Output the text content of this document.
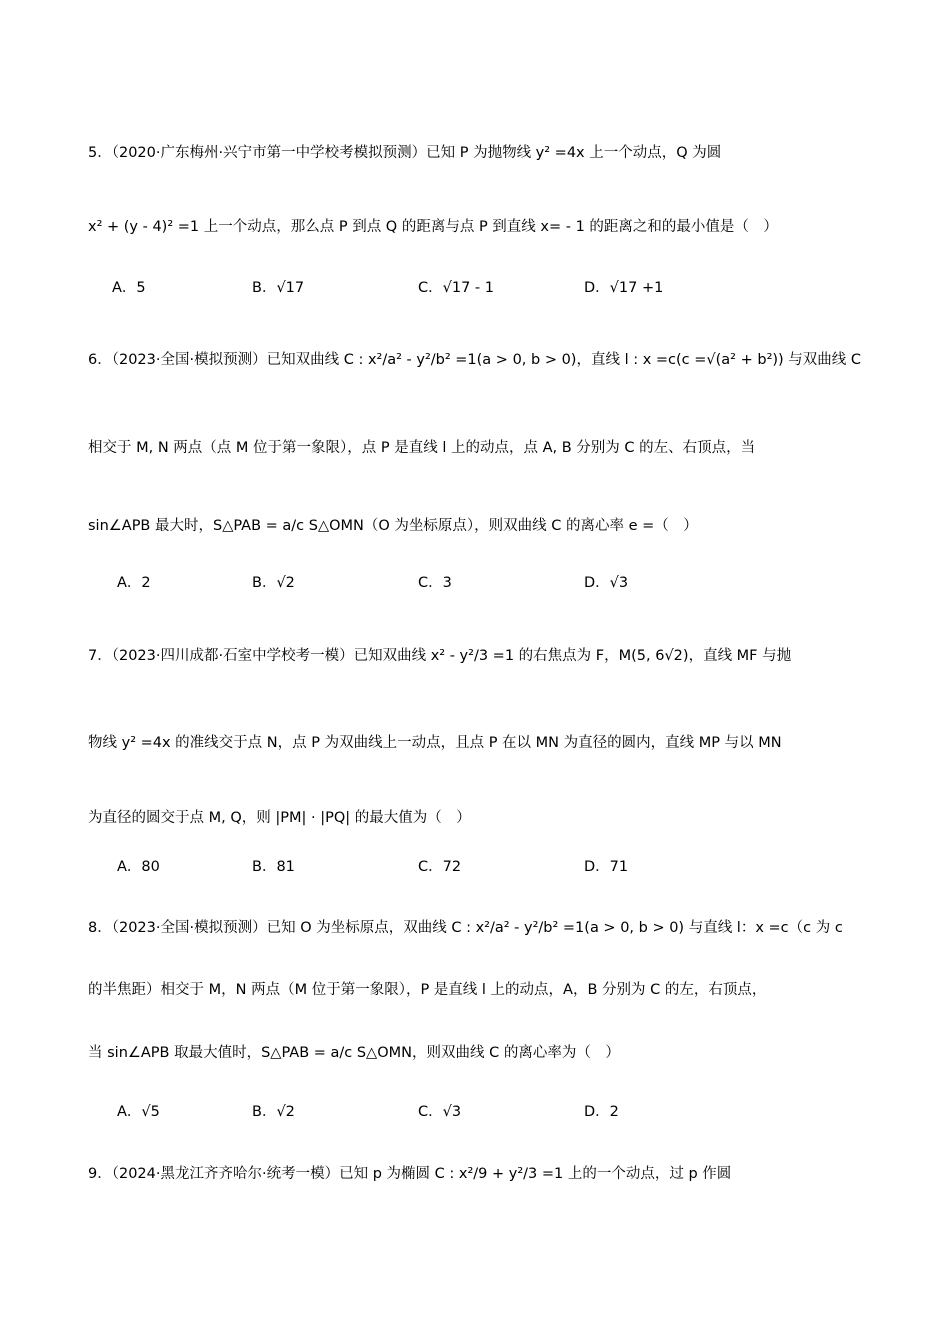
5．（2020·广东梅州·兴宁市第一中学校考模拟预测）已知 P 为抛物线 y² =4x 上一个动点，Q 为圆
x² + (y - 4)² =1 上一个动点，那么点 P 到点 Q 的距离与点 P 到直线 x= - 1 的距离之和的最小值是（　）
A．5	B．√17	C．√17 - 1	D．√17 +1
6．（2023·全国·模拟预测）已知双曲线 C : x²/a² - y²/b² =1(a > 0, b > 0)，直线 l : x =c(c =√(a² + b²)) 与双曲线 C
相交于 M, N 两点（点 M 位于第一象限），点 P 是直线 l 上的动点，点 A, B 分别为 C 的左、右顶点，当
sin∠APB 最大时，S△PAB = a/c S△OMN（O 为坐标原点），则双曲线 C 的离心率 e =（　）
A．2	B．√2	C．3	D．√3
7．（2023·四川成都·石室中学校考一模）已知双曲线 x² - y²/3 =1 的右焦点为 F，M(5, 6√2)，直线 MF 与抛
物线 y² =4x 的准线交于点 N，点 P 为双曲线上一动点，且点 P 在以 MN 为直径的圆内，直线 MP 与以 MN
为直径的圆交于点 M, Q，则 |PM| · |PQ| 的最大值为（　）
A．80	B．81	C．72	D．71
8．（2023·全国·模拟预测）已知 O 为坐标原点，双曲线 C : x²/a² - y²/b² =1(a > 0, b > 0) 与直线 l：x =c（c 为 c
的半焦距）相交于 M，N 两点（M 位于第一象限），P 是直线 l 上的动点，A，B 分别为 C 的左，右顶点，
当 sin∠APB 取最大值时，S△PAB = a/c S△OMN，则双曲线 C 的离心率为（　）
A．√5	B．√2	C．√3	D．2
9．（2024·黑龙江齐齐哈尔·统考一模）已知 p 为椭圆 C : x²/9 + y²/3 =1 上的一个动点，过 p 作圆
